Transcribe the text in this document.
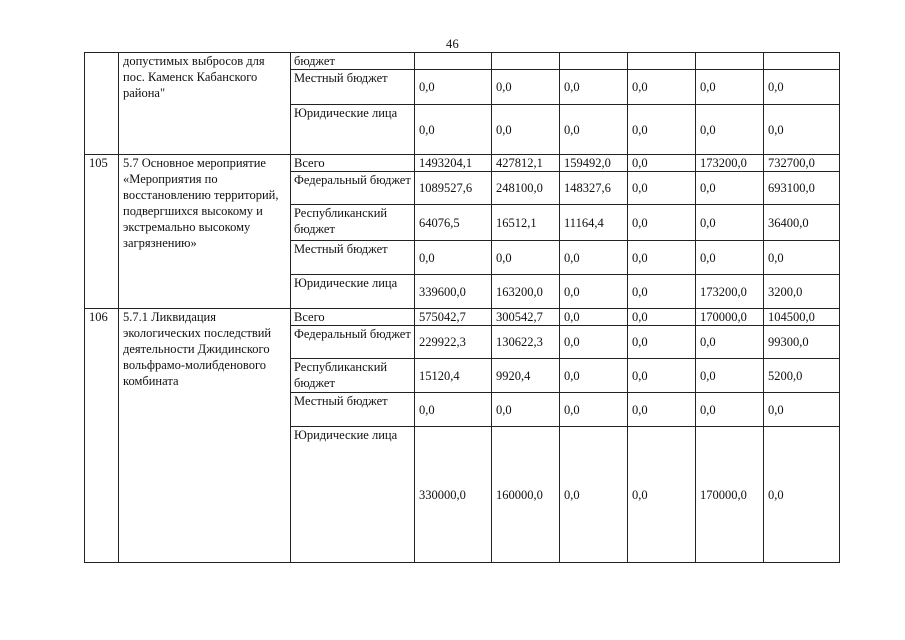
46
	допустимых выбросов для пос. Каменск Кабанского района"	бюджет						
		Местный бюджет	0,0	0,0	0,0	0,0	0,0	0,0
		Юридические лица	0,0	0,0	0,0	0,0	0,0	0,0
105	5.7 Основное мероприятие «Мероприятия по восстановлению территорий, подвергшихся высокому и экстремально высокому загрязнению»	Всего	1493204,1	427812,1	159492,0	0,0	173200,0	732700,0
		Федеральный бюджет	1089527,6	248100,0	148327,6	0,0	0,0	693100,0
		Республиканский бюджет	64076,5	16512,1	11164,4	0,0	0,0	36400,0
		Местный бюджет	0,0	0,0	0,0	0,0	0,0	0,0
		Юридические лица	339600,0	163200,0	0,0	0,0	173200,0	3200,0
106	5.7.1 Ликвидация экологических последствий деятельности Джидинского вольфрамо-молибденового комбината	Всего	575042,7	300542,7	0,0	0,0	170000,0	104500,0
		Федеральный бюджет	229922,3	130622,3	0,0	0,0	0,0	99300,0
		Республиканский бюджет	15120,4	9920,4	0,0	0,0	0,0	5200,0
		Местный бюджет	0,0	0,0	0,0	0,0	0,0	0,0
		Юридические лица	330000,0	160000,0	0,0	0,0	170000,0	0,0
